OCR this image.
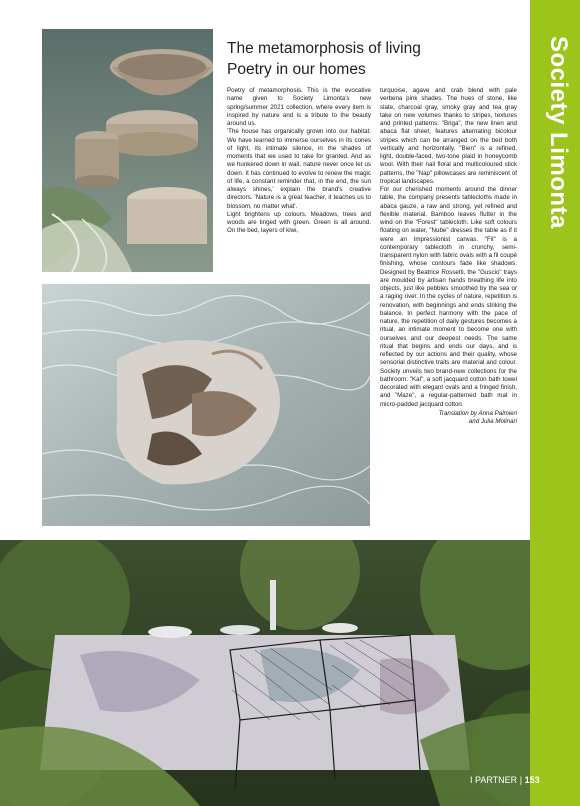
Society Limonta
The metamorphosis of living
Poetry in our homes

Poetry of metamorphosis. This is the evocative name given to Society Limonta's new spring/summer 2021 collection, where every item is inspired by nature and is a tribute to the beauty around us.

'The house has organically grown into our habitat. We have learned to immerse ourselves in its cones of light, its intimate silence, in the shades of moments that we used to take for granted. And as we hunkered down in wait, nature never once let us down. It has continued to evolve to renew the magic of life, a constant reminder that, in the end, the sun always shines,' explain the brand's creative directors. 'Nature is a great teacher, it teaches us to blossom, no matter what'.

Light brightens up colours. Meadows, trees and woods are tinged with green. Green is all around. On the bed, layers of kiwi,

turquoise, agave and crab blend with pale verbena pink shades. The hues of stone, like slate, charcoal gray, smoky gray and tea gray take on new volumes thanks to stripes, textures and printed patterns. "Briga", the new linen and abaca flat sheet, features alternating bicolour stripes which can be arranged on the bed both vertically and horizontally. "Bien" is a refined, light, double-faced, two-tone plaid in honeycomb wool. With their nail floral and multicoloured stick patterns, the "Nap" pillowcases are reminiscent of tropical landscapes.

For our cherished moments around the dinner table, the company presents tablecloths made in abaca gauze, a raw and strong, yet refined and flexible material. Bamboo leaves flutter in the wind on the "Forest" tablecloth. Like soft colours floating on water, "Nube" dresses the table as if it were an Impressionist canvas. "Fil" is a contemporary tablecloth in crunchy, semi-transparent nylon with fabric ovals with a fil coupé finishing, whose contours fade like shadows. Designed by Beatrice Rossetti, the "Guscio" trays are moulded by artisan hands breathing life into objects, just like pebbles smoothed by the sea or a raging river. In the cycles of nature, repetition is renovation, with beginnings and ends striking the balance. In perfect harmony with the pace of nature, the repetition of daily gestures becomes a ritual, an intimate moment to become one with ourselves and our deepest needs. The same ritual that begins and ends our days, and is reflected by our actions and their quality, whose sensorial distinctive traits are material and colour. Society unveils two brand-new collections for the bathroom: "Kal", a soft jacquard cotton bath towel decorated with elegant ovals and a fringed finish, and "Maze", a regular-patterned bath mat in micro-padded jacquard cotton.

Translation by Anna Palmieri
and Julia Molinari
I PARTNER | 153
